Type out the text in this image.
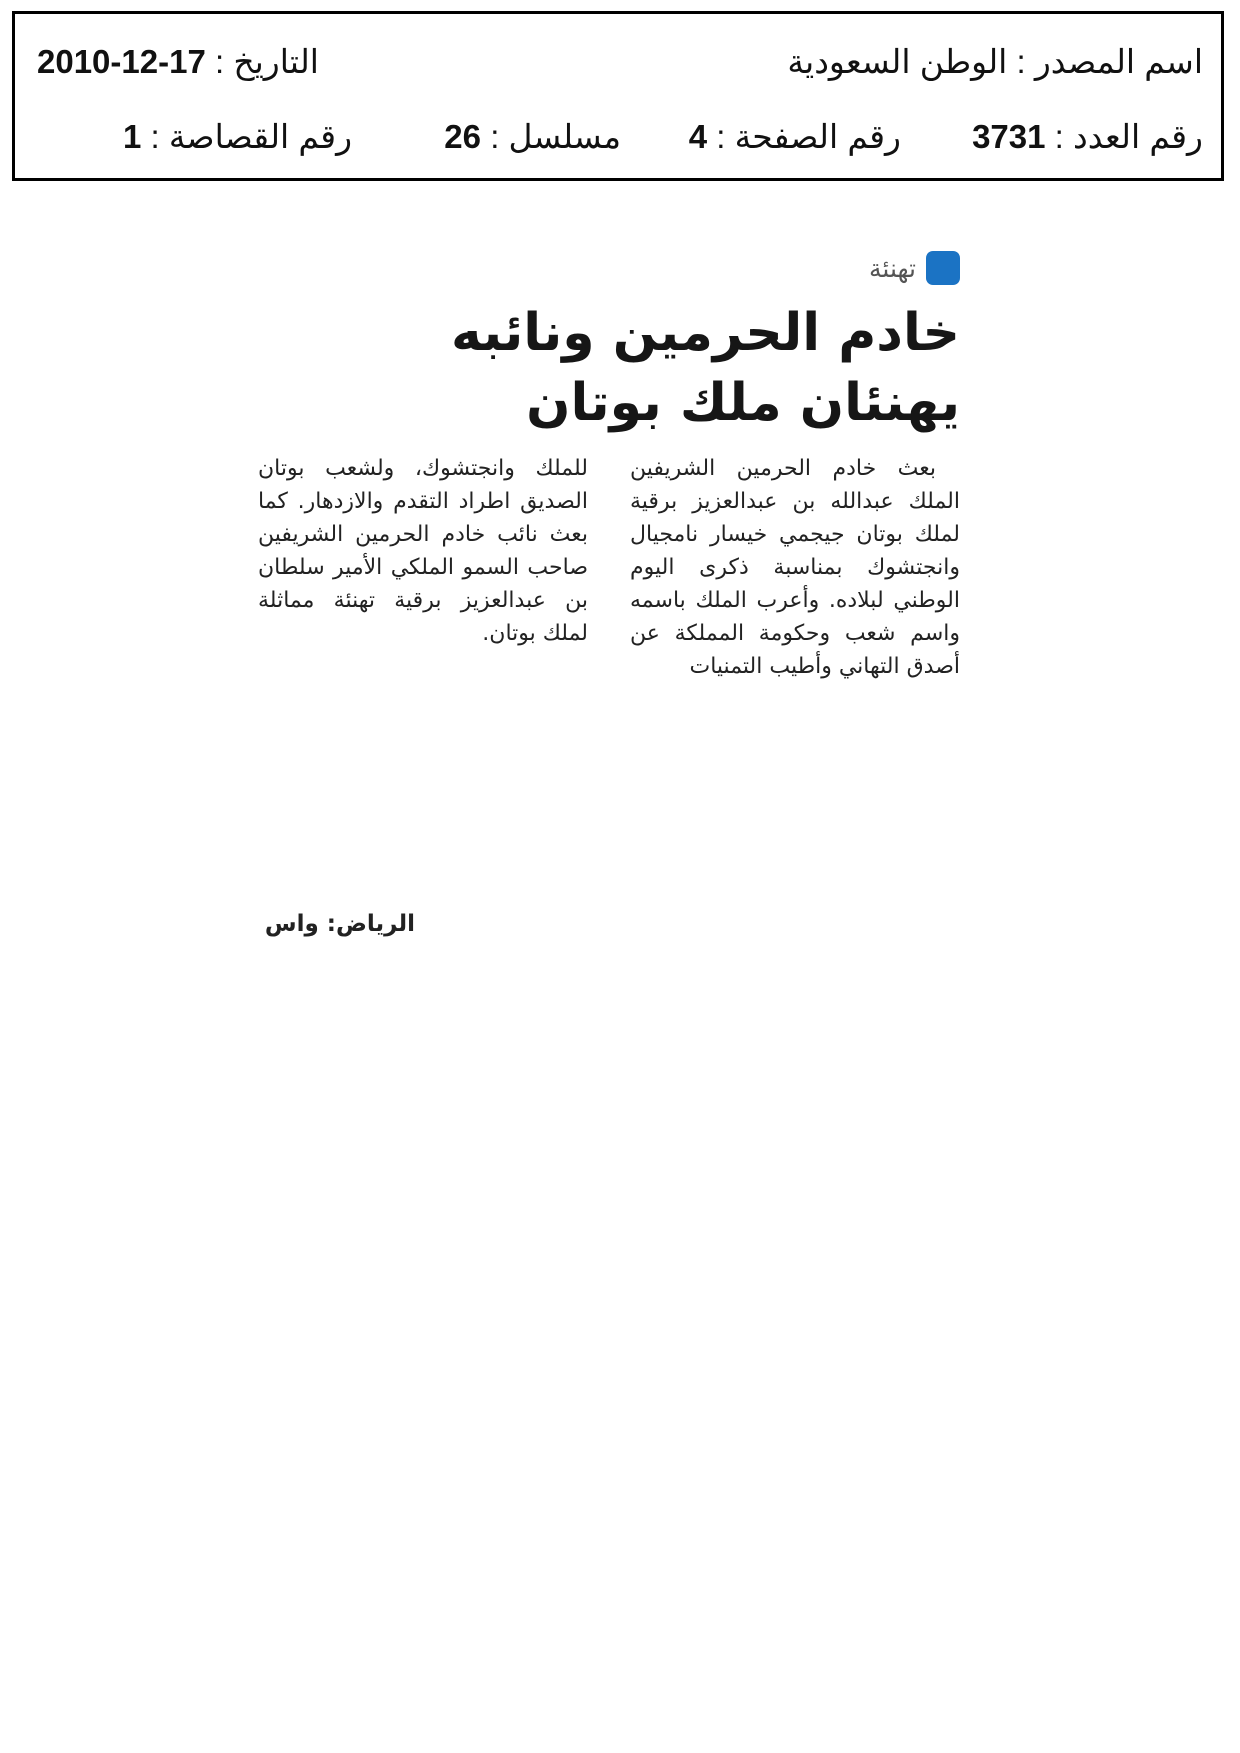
اسم المصدر : الوطن السعودية
التاريخ : 2010-12-17
رقم العدد : 3731
رقم الصفحة : 4
مسلسل : 26
رقم القصاصة : 1
تهنئة
خادم الحرمين ونائبه يهنئان ملك بوتان

بعث خادم الحرمين الشريفين الملك عبدالله بن عبدالعزيز برقية لملك بوتان جيجمي خيسار نامجيال وانجتشوك بمناسبة ذكرى اليوم الوطني لبلاده. وأعرب الملك باسمه واسم شعب وحكومة المملكة عن أصدق التهاني وأطيب التمنيات

للملك وانجتشوك، ولشعب بوتان الصديق اطراد التقدم والازدهار. كما بعث نائب خادم الحرمين الشريفين صاحب السمو الملكي الأمير سلطان بن عبدالعزيز برقية تهنئة مماثلة لملك بوتان.

الرياض: واس
